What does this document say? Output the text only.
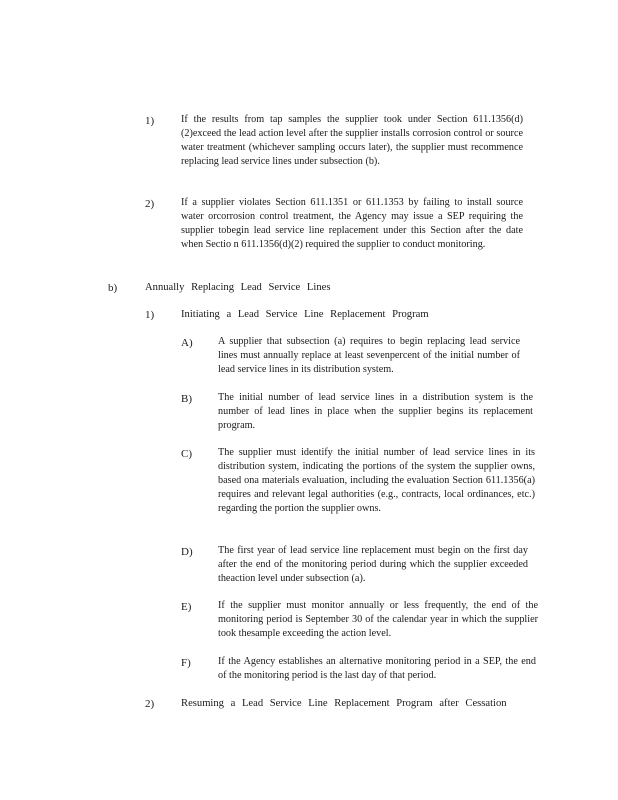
1)	If the results from tap samples the supplier took under Section 611.1356(d)(2)exceed the lead action level after the supplier installs corrosion control or source water treatment (whichever sampling occurs later), the supplier must recommence replacing lead service lines under subsection (b).

2)	If a supplier violates Section 611.1351 or 611.1353 by failing to install source water orcorrosion control treatment, the Agency may issue a SEP requiring the supplier tobegin lead service line replacement under this Section after the date when Sectio n 611.1356(d)(2) required the supplier to conduct monitoring.

b)	Annually Replacing Lead Service Lines
1)	Initiating a Lead Service Line Replacement Program
A) A supplier that subsection (a) requires to begin replacing lead service lines must annually replace at least sevenpercent of the initial number of lead service lines in its distribution system.

B)	The initial number of lead service lines in a distribution system is the number of lead lines in place when the supplier begins its replacement program.

C)	The supplier must identify the initial number of lead service lines in its distribution system, indicating the portions of the system the supplier owns, based ona materials evaluation, including the evaluation Section 611.1356(a) requires and relevant legal authorities (e.g., contracts, local ordinances, etc.) regarding the portion the supplier owns.

D) The first year of lead service line replacement must begin on the first day after the end of the monitoring period during which the supplier exceeded theaction level under subsection (a).

E)	If the supplier must monitor annually or less frequently, the end of the monitoring period is September 30 of the calendar year in which the supplier took thesample exceeding the action level.

F)	If the Agency establishes an alternative monitoring period in a SEP, the end of the monitoring period is the last day of that period.

2)	Resuming a Lead Service Line Replacement Program after Cessation
